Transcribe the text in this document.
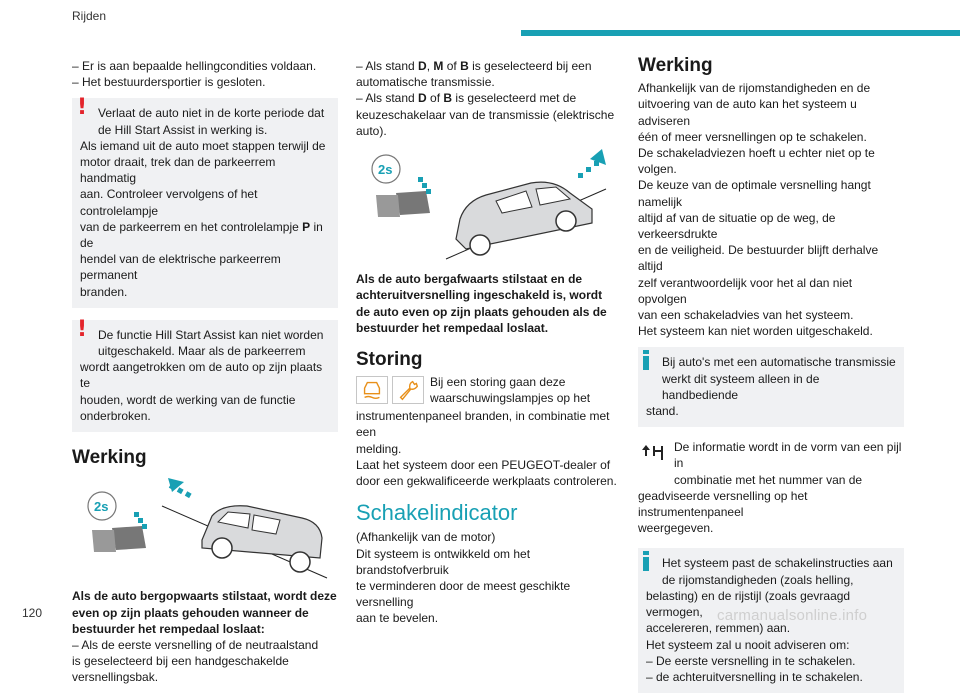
Rijden
– Er is aan bepaalde hellingcondities voldaan.
– Het bestuurdersportier is gesloten.
! Verlaat de auto niet in de korte periode dat
de Hill Start Assist in werking is.
Als iemand uit de auto moet stappen terwijl de
motor draait, trek dan de parkeerrem handmatig
aan. Controleer vervolgens of het controlelampje
van de parkeerrem en het controlelampje P in de
hendel van de elektrische parkeerrem permanent
branden.
! De functie Hill Start Assist kan niet worden
uitgeschakeld. Maar als de parkeerrem
wordt aangetrokken om de auto op zijn plaats te
houden, wordt de werking van de functie
onderbroken.
Werking
2s
Als de auto bergopwaarts stilstaat, wordt deze
even op zijn plaats gehouden wanneer de
bestuurder het rempedaal loslaat:
– Als de eerste versnelling of de neutraalstand
is geselecteerd bij een handgeschakelde
versnellingsbak.
– Als stand D, M of B is geselecteerd bij een
automatische transmissie.
– Als stand D of B is geselecteerd met de
keuzeschakelaar van de transmissie (elektrische
auto).
2s
Als de auto bergafwaarts stilstaat en de
achteruitversnelling ingeschakeld is, wordt
de auto even op zijn plaats gehouden als de
bestuurder het rempedaal loslaat.
Storing
Bij een storing gaan deze
waarschuwingslampjes op het
instrumentenpaneel branden, in combinatie met een
melding.
Laat het systeem door een PEUGEOT-dealer of
door een gekwalificeerde werkplaats controleren.
Schakelindicator
(Afhankelijk van de motor)
Dit systeem is ontwikkeld om het brandstofverbruik
te verminderen door de meest geschikte versnelling
aan te bevelen.
Werking
Afhankelijk van de rijomstandigheden en de
uitvoering van de auto kan het systeem u adviseren
één of meer versnellingen op te schakelen.
De schakeladviezen hoeft u echter niet op te volgen.
De keuze van de optimale versnelling hangt namelijk
altijd af van de situatie op de weg, de verkeersdrukte
en de veiligheid. De bestuurder blijft derhalve altijd
zelf verantwoordelijk voor het al dan niet opvolgen
van een schakeladvies van het systeem.
Het systeem kan niet worden uitgeschakeld.
Bij auto's met een automatische transmissie
werkt dit systeem alleen in de handbediende
stand.
De informatie wordt in de vorm van een pijl in
combinatie met het nummer van de
geadviseerde versnelling op het instrumentenpaneel
weergegeven.
Het systeem past de schakelinstructies aan
de rijomstandigheden (zoals helling,
belasting) en de rijstijl (zoals gevraagd vermogen,
accelereren, remmen) aan.
Het systeem zal u nooit adviseren om:
– De eerste versnelling in te schakelen.
– de achteruitversnelling in te schakelen.
120	carmanualsonline.info
